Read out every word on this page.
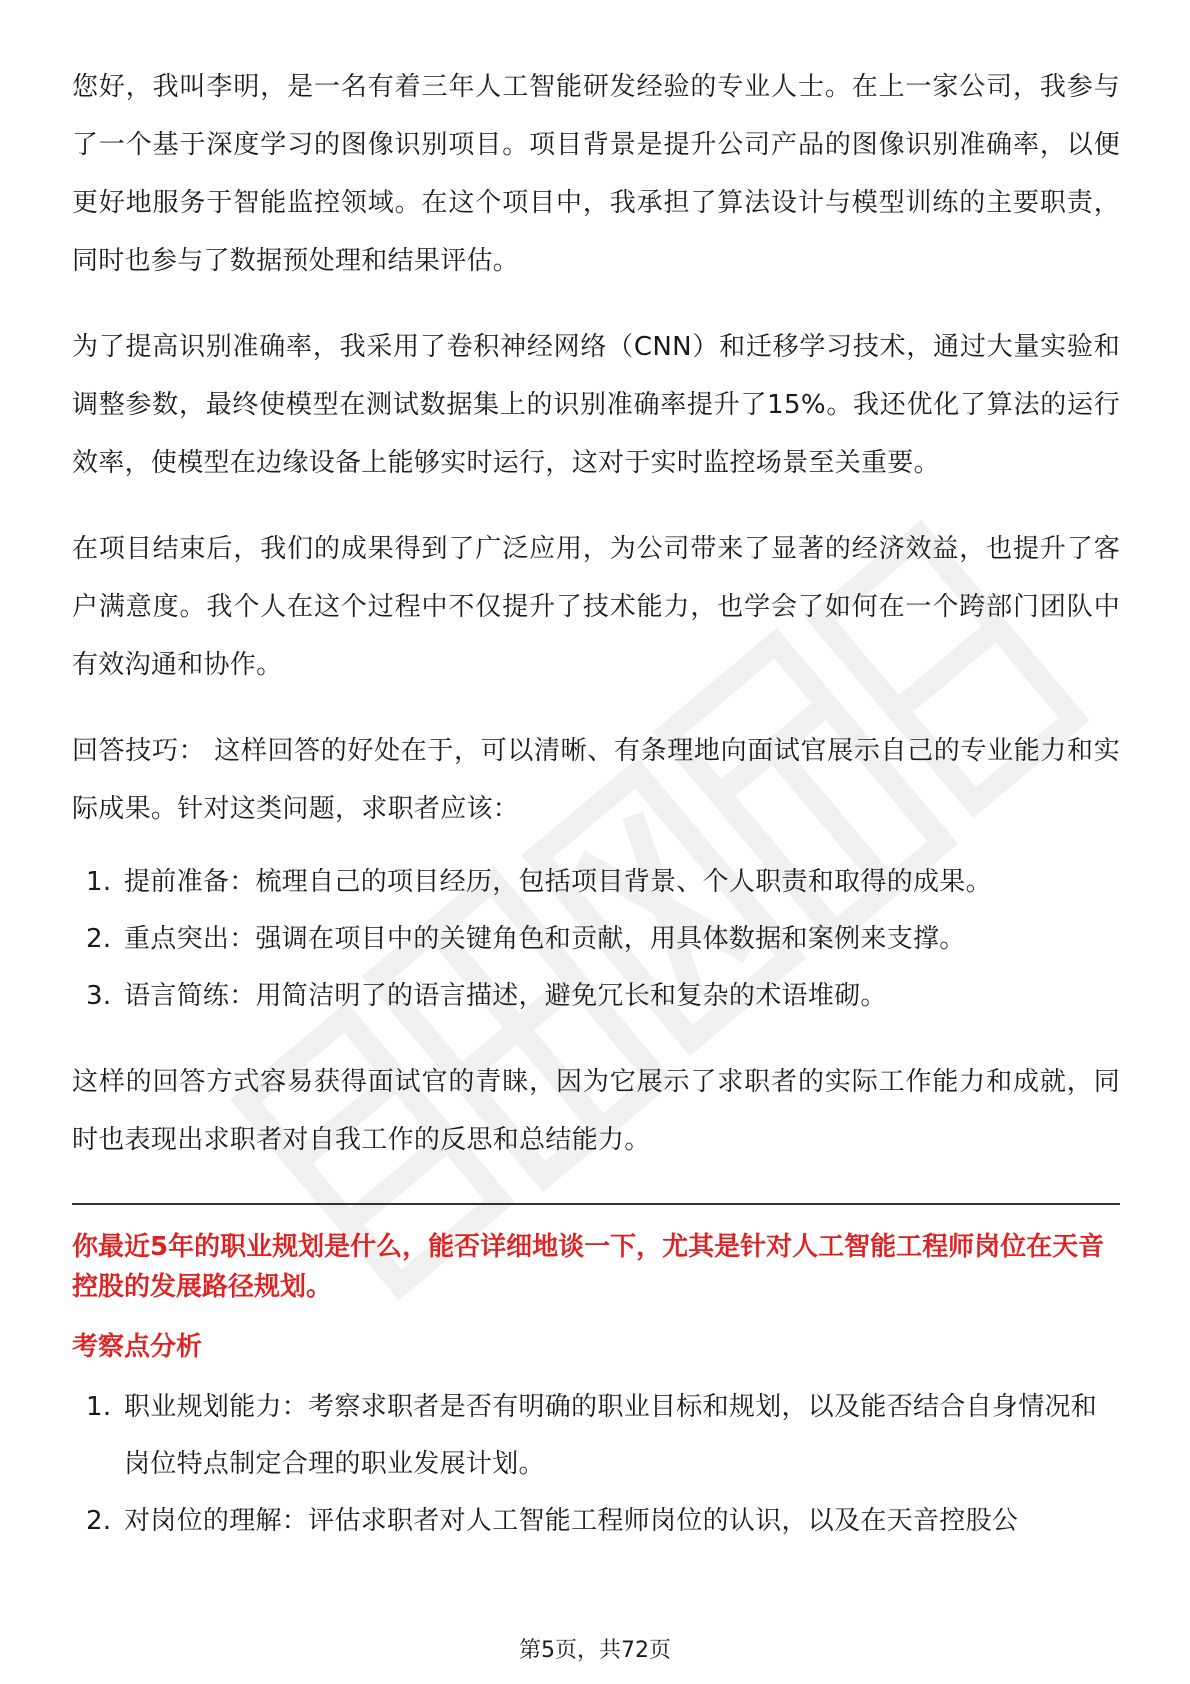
您好，我叫李明，是一名有着三年人工智能研发经验的专业人士。在上一家公司，我参与了一个基于深度学习的图像识别项目。项目背景是提升公司产品的图像识别准确率，以便更好地服务于智能监控领域。在这个项目中，我承担了算法设计与模型训练的主要职责，同时也参与了数据预处理和结果评估。

为了提高识别准确率，我采用了卷积神经网络（CNN）和迁移学习技术，通过大量实验和调整参数，最终使模型在测试数据集上的识别准确率提升了15%。我还优化了算法的运行效率，使模型在边缘设备上能够实时运行，这对于实时监控场景至关重要。

在项目结束后，我们的成果得到了广泛应用，为公司带来了显著的经济效益，也提升了客户满意度。我个人在这个过程中不仅提升了技术能力，也学会了如何在一个跨部门团队中有效沟通和协作。

回答技巧： 这样回答的好处在于，可以清晰、有条理地向面试官展示自己的专业能力和实际成果。针对这类问题，求职者应该：

1. 提前准备：梳理自己的项目经历，包括项目背景、个人职责和取得的成果。
2. 重点突出：强调在项目中的关键角色和贡献，用具体数据和案例来支撑。
3. 语言简练：用简洁明了的语言描述，避免冗长和复杂的术语堆砌。

这样的回答方式容易获得面试官的青睐，因为它展示了求职者的实际工作能力和成就，同时也表现出求职者对自我工作的反思和总结能力。

你最近5年的职业规划是什么，能否详细地谈一下，尤其是针对人工智能工程师岗位在天音控股的发展路径规划。

考察点分析
1. 职业规划能力：考察求职者是否有明确的职业目标和规划，以及能否结合自身情况和岗位特点制定合理的职业发展计划。
2. 对岗位的理解：评估求职者对人工智能工程师岗位的认识，以及在天音控股公
第5页，共72页
